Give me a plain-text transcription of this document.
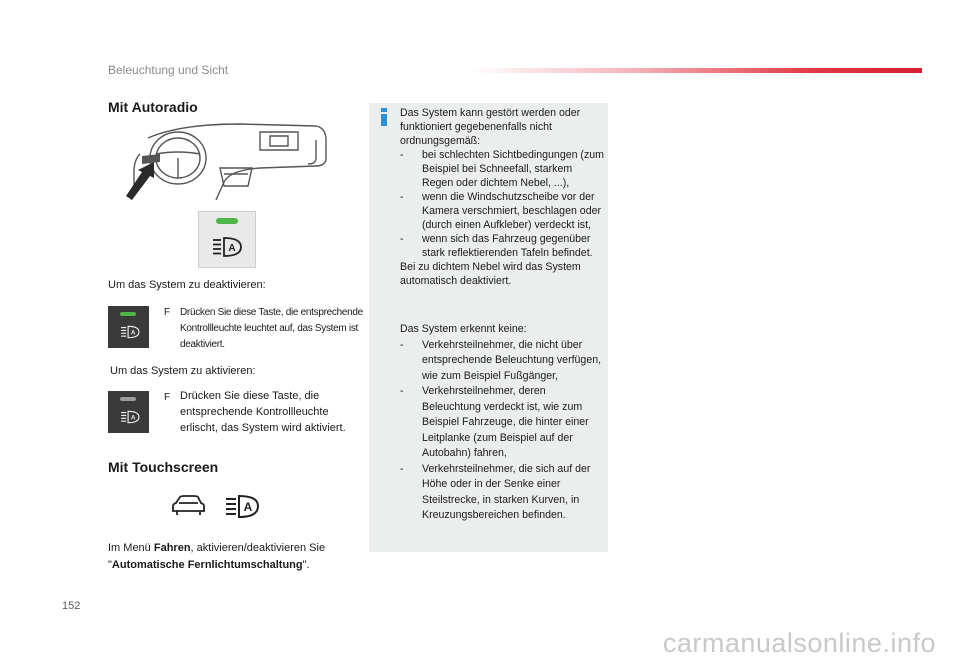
Beleuchtung und Sicht
Mit Autoradio
A
Um das System zu deaktivieren:
A
F Drücken Sie diese Taste, die entsprechende Kontrollleuchte leuchtet auf, das System ist deaktiviert.
Um das System zu aktivieren:
A
F Drücken Sie diese Taste, die entsprechende Kontrollleuchte erlischt, das System wird aktiviert.
Mit Touchscreen
A
Im Menü Fahren, aktivieren/deaktivieren Sie "Automatische Fernlichtumschaltung".
Das System kann gestört werden oder funktioniert gegebenenfalls nicht ordnungsgemäß:
-	bei schlechten Sichtbedingungen (zum Beispiel bei Schneefall, starkem Regen oder dichtem Nebel, ...),
-	wenn die Windschutzscheibe vor der Kamera verschmiert, beschlagen oder (durch einen Aufkleber) verdeckt ist,
-	wenn sich das Fahrzeug gegenüber stark reflektierenden Tafeln befindet.
Bei zu dichtem Nebel wird das System automatisch deaktiviert.
Das System erkennt keine:
-	Verkehrsteilnehmer, die nicht über entsprechende Beleuchtung verfügen, wie zum Beispiel Fußgänger,
-	Verkehrsteilnehmer, deren Beleuchtung verdeckt ist, wie zum Beispiel Fahrzeuge, die hinter einer Leitplanke (zum Beispiel auf der Autobahn) fahren,
-	Verkehrsteilnehmer, die sich auf der Höhe oder in der Senke einer Steilstrecke, in starken Kurven, in Kreuzungsbereichen befinden.
152
carmanualsonline.info
